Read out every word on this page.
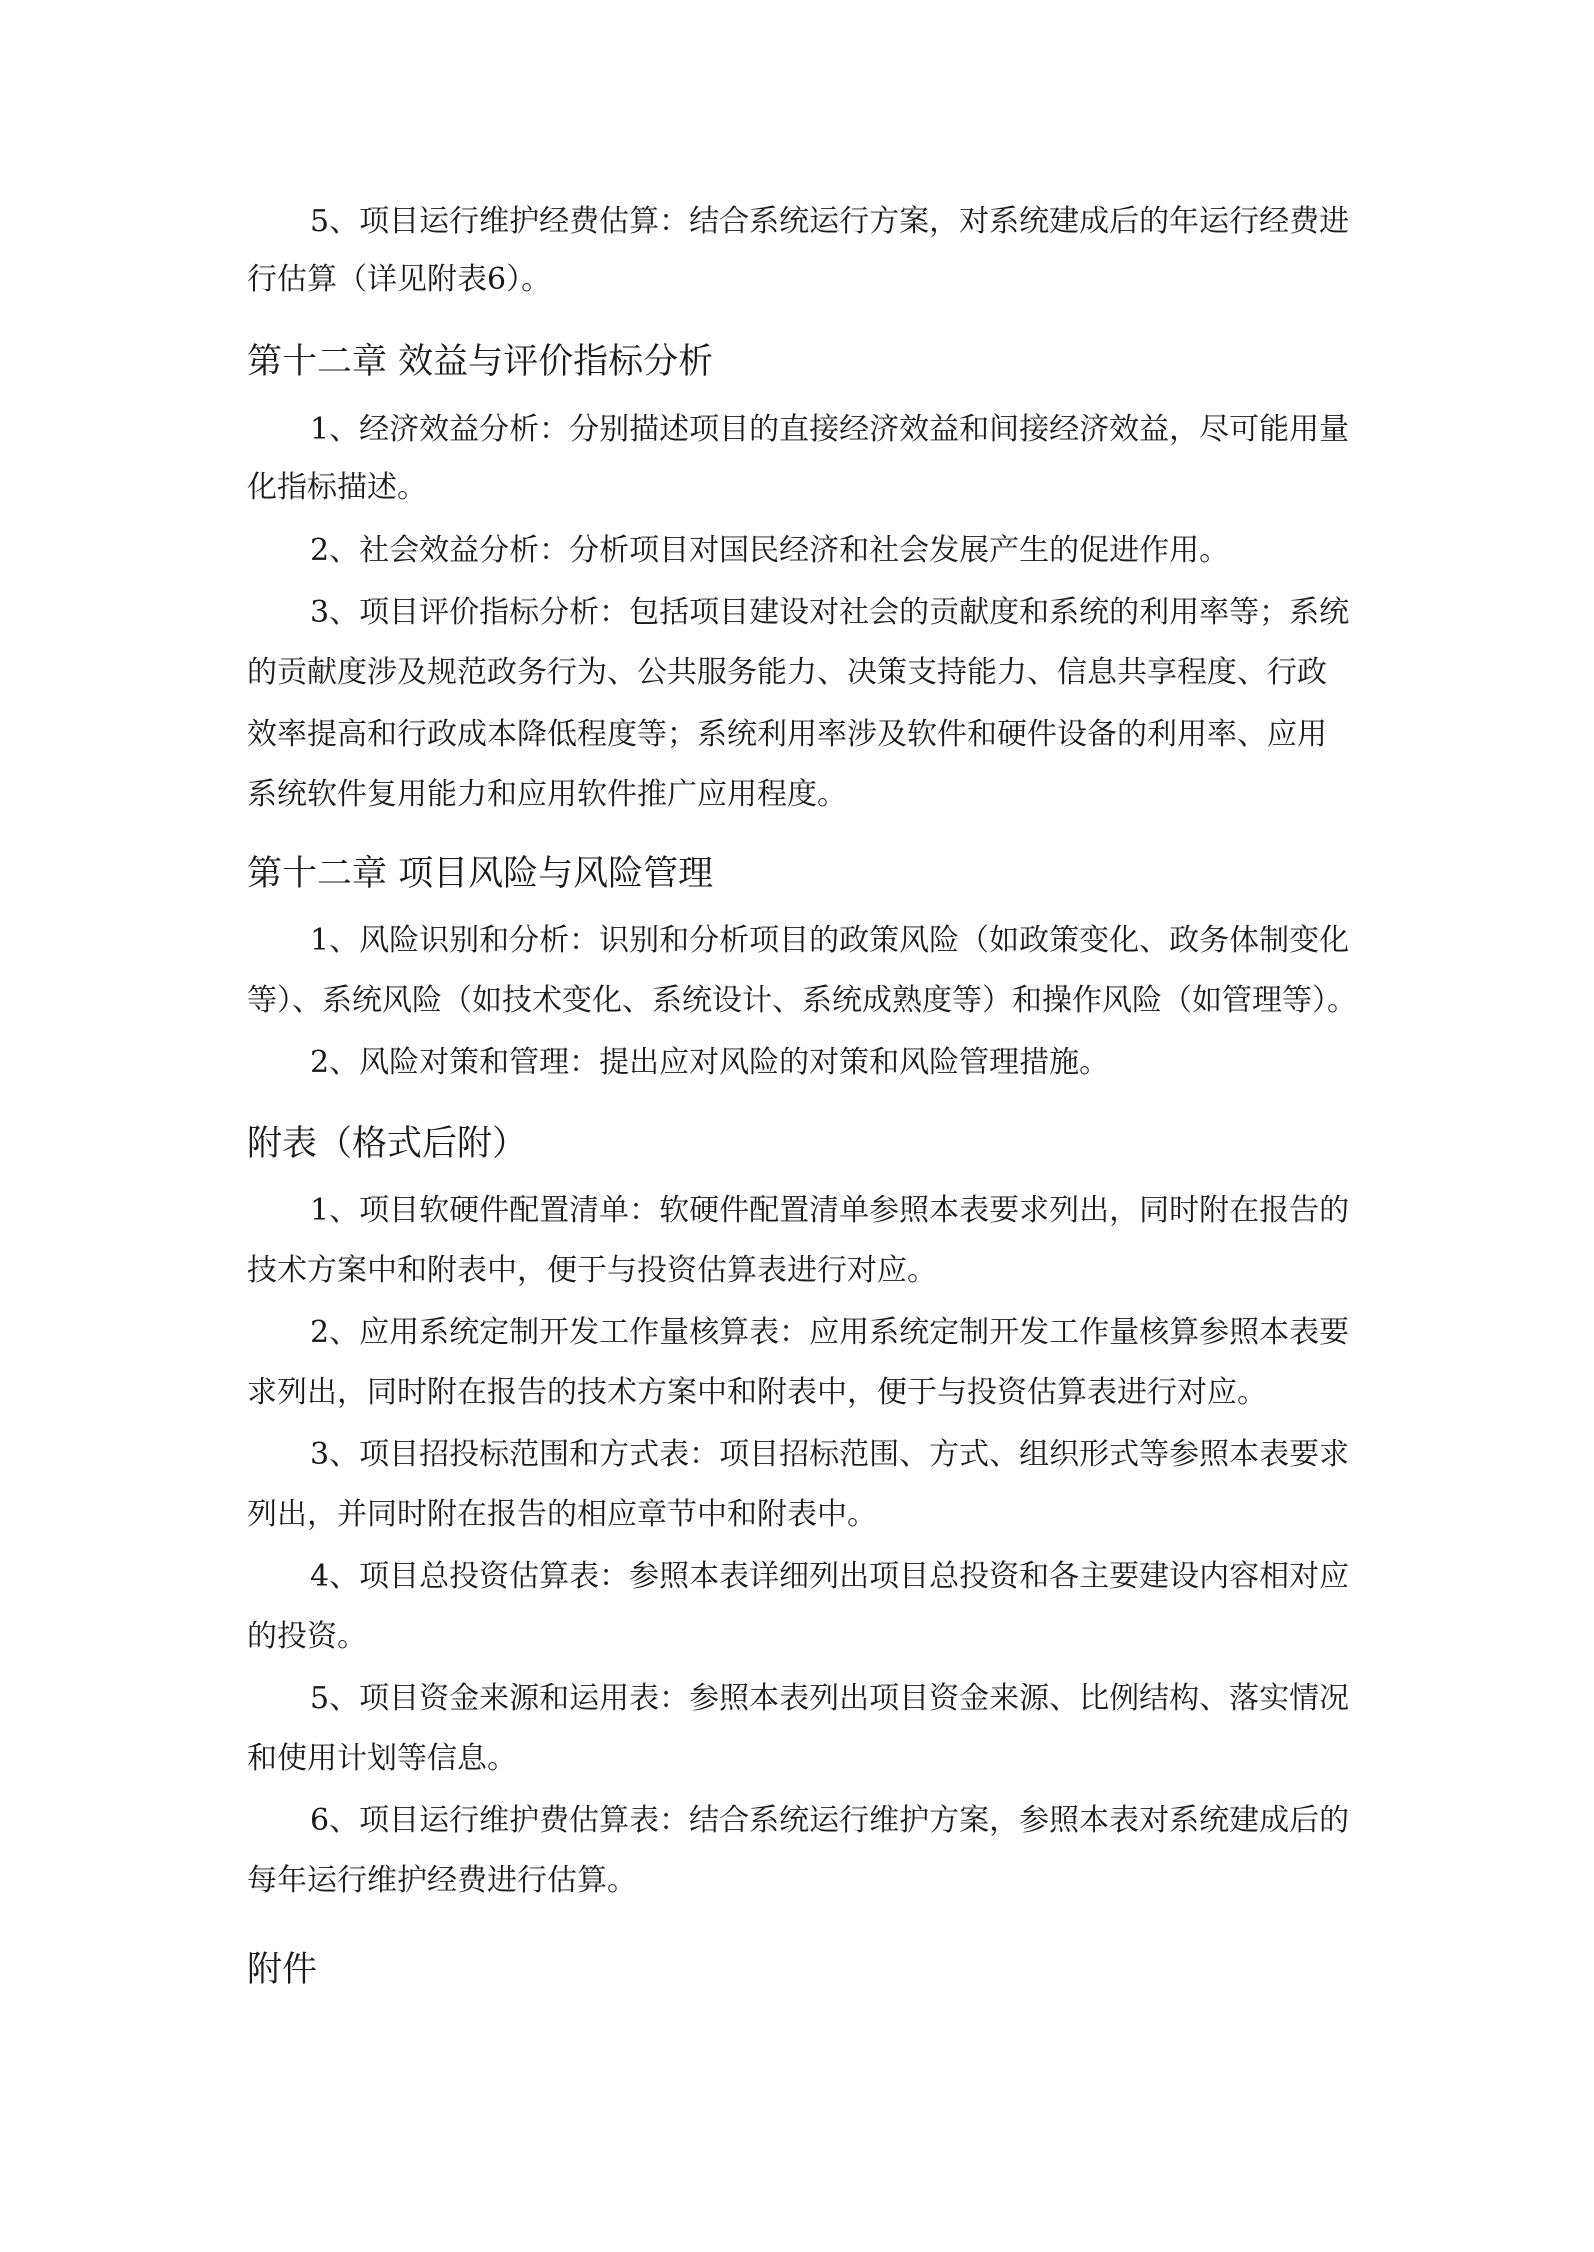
5、项目运行维护经费估算：结合系统运行方案，对系统建成后的年运行经费进
行估算（详见附表6）。
第十二章 效益与评价指标分析
1、经济效益分析：分别描述项目的直接经济效益和间接经济效益，尽可能用量
化指标描述。
2、社会效益分析：分析项目对国民经济和社会发展产生的促进作用。
3、项目评价指标分析：包括项目建设对社会的贡献度和系统的利用率等；系统
的贡献度涉及规范政务行为、公共服务能力、决策支持能力、信息共享程度、行政
效率提高和行政成本降低程度等；系统利用率涉及软件和硬件设备的利用率、应用
系统软件复用能力和应用软件推广应用程度。
第十二章 项目风险与风险管理
1、风险识别和分析：识别和分析项目的政策风险（如政策变化、政务体制变化
等）、系统风险（如技术变化、系统设计、系统成熟度等）和操作风险（如管理等）。
2、风险对策和管理：提出应对风险的对策和风险管理措施。
附表（格式后附）
1、项目软硬件配置清单：软硬件配置清单参照本表要求列出，同时附在报告的
技术方案中和附表中，便于与投资估算表进行对应。
2、应用系统定制开发工作量核算表：应用系统定制开发工作量核算参照本表要
求列出，同时附在报告的技术方案中和附表中，便于与投资估算表进行对应。
3、项目招投标范围和方式表：项目招标范围、方式、组织形式等参照本表要求
列出，并同时附在报告的相应章节中和附表中。
4、项目总投资估算表：参照本表详细列出项目总投资和各主要建设内容相对应
的投资。
5、项目资金来源和运用表：参照本表列出项目资金来源、比例结构、落实情况
和使用计划等信息。
6、项目运行维护费估算表：结合系统运行维护方案，参照本表对系统建成后的
每年运行维护经费进行估算。
附件
